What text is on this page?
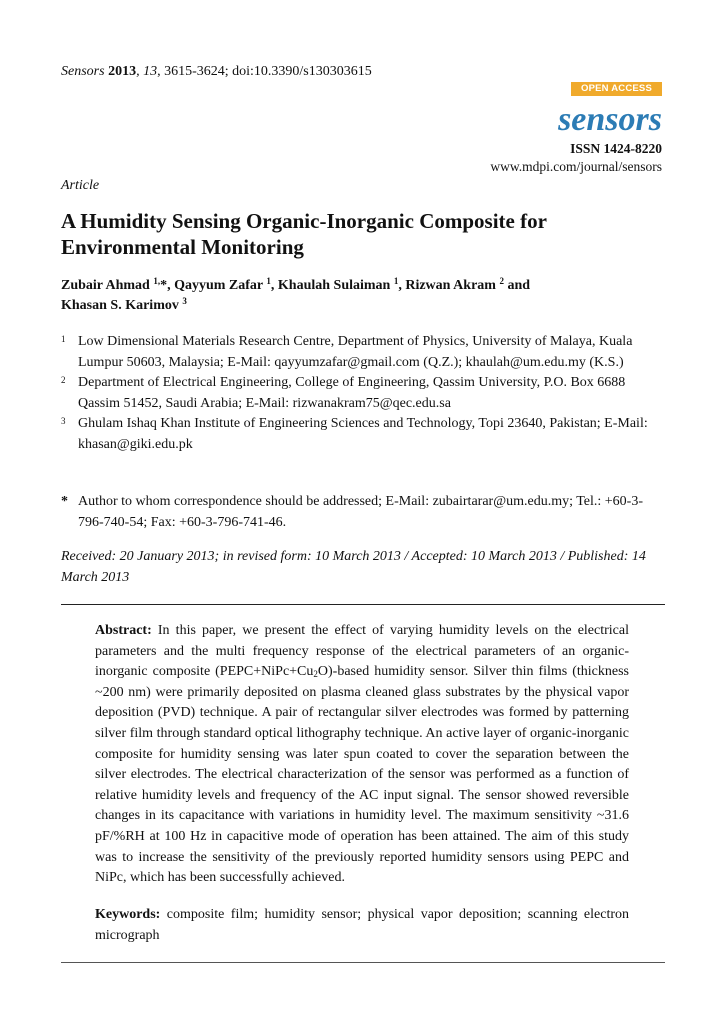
Sensors 2013, 13, 3615-3624; doi:10.3390/s130303615
OPEN ACCESS
sensors
ISSN 1424-8220
www.mdpi.com/journal/sensors
Article
A Humidity Sensing Organic-Inorganic Composite for Environmental Monitoring
Zubair Ahmad $^{1,}$*, Qayyum Zafar $^1$, Khaulah Sulaiman $^1$, Rizwan Akram $^2$ and
Khasan S. Karimov $^3$
1 Low Dimensional Materials Research Centre, Department of Physics, University of Malaya, Kuala Lumpur 50603, Malaysia; E-Mail: qayyumzafar@gmail.com (Q.Z.); khaulah@um.edu.my (K.S.)
2 Department of Electrical Engineering, College of Engineering, Qassim University, P.O. Box 6688 Qassim 51452, Saudi Arabia; E-Mail: rizwanakram75@qec.edu.sa
3 Ghulam Ishaq Khan Institute of Engineering Sciences and Technology, Topi 23640, Pakistan; E-Mail: khasan@giki.edu.pk
* Author to whom correspondence should be addressed; E-Mail: zubairtarar@um.edu.my; Tel.: +60-3-796-740-54; Fax: +60-3-796-741-46.
Received: 20 January 2013; in revised form: 10 March 2013 / Accepted: 10 March 2013 / Published: 14 March 2013
Abstract: In this paper, we present the effect of varying humidity levels on the electrical parameters and the multi frequency response of the electrical parameters of an organic-inorganic composite $(PEPC+NiPc+Cu_2O)$-based humidity sensor. Silver thin films (thickness ~200 nm) were primarily deposited on plasma cleaned glass substrates by the physical vapor deposition (PVD) technique. A pair of rectangular silver electrodes was formed by patterning silver film through standard optical lithography technique. An active layer of organic-inorganic composite for humidity sensing was later spun coated to cover the separation between the silver electrodes. The electrical characterization of the sensor was performed as a function of relative humidity levels and frequency of the AC input signal. The sensor showed reversible changes in its capacitance with variations in humidity level. The maximum sensitivity ~31.6 pF/%RH at 100 Hz in capacitive mode of operation has been attained. The aim of this study was to increase the sensitivity of the previously reported humidity sensors using PEPC and NiPc, which has been successfully achieved.
Keywords: composite film; humidity sensor; physical vapor deposition; scanning electron micrograph
